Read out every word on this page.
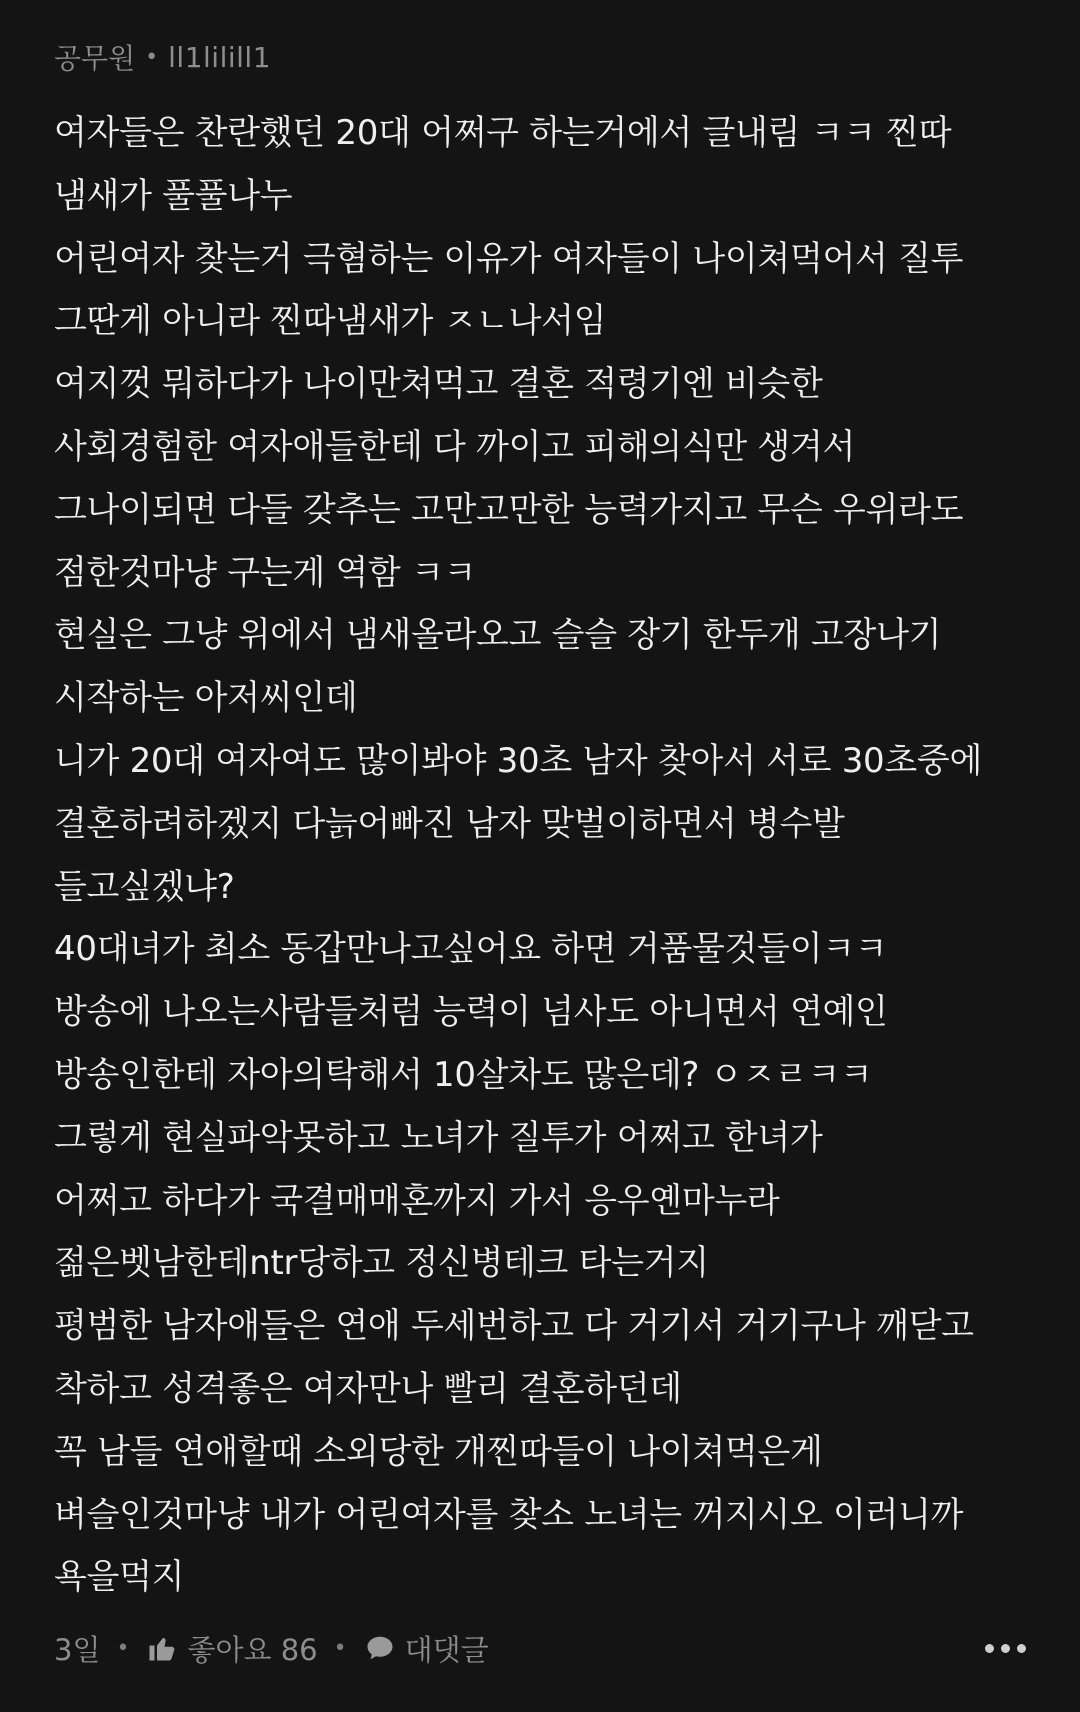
공무원 • ll1lilill1
여자들은 찬란했던 20대 어쩌구 하는거에서 글내림 ㅋㅋ 찐따
냄새가 풀풀나누
어린여자 찾는거 극혐하는 이유가 여자들이 나이쳐먹어서 질투
그딴게 아니라 찐따냄새가 ㅈㄴ나서임
여지껏 뭐하다가 나이만쳐먹고 결혼 적령기엔 비슷한
사회경험한 여자애들한테 다 까이고 피해의식만 생겨서
그나이되면 다들 갖추는 고만고만한 능력가지고 무슨 우위라도
점한것마냥 구는게 역함 ㅋㅋ
현실은 그냥 위에서 냄새올라오고 슬슬 장기 한두개 고장나기
시작하는 아저씨인데
니가 20대 여자여도 많이봐야 30초 남자 찾아서 서로 30초중에
결혼하려하겠지 다늙어빠진 남자 맞벌이하면서 병수발
들고싶겠냐?
40대녀가 최소 동갑만나고싶어요 하면 거품물것들이ㅋㅋ
방송에 나오는사람들처럼 능력이 넘사도 아니면서 연예인
방송인한테 자아의탁해서 10살차도 많은데? ㅇㅈㄹㅋㅋ
그렇게 현실파악못하고 노녀가 질투가 어쩌고 한녀가
어쩌고 하다가 국결매매혼까지 가서 응우옌마누라
젊은벳남한테ntr당하고 정신병테크 타는거지
평범한 남자애들은 연애 두세번하고 다 거기서 거기구나 깨닫고
착하고 성격좋은 여자만나 빨리 결혼하던데
꼭 남들 연애할때 소외당한 개찐따들이 나이쳐먹은게
벼슬인것마냥 내가 어린여자를 찾소 노녀는 꺼지시오 이러니까
욕을먹지
3일 • 좋아요 86 • 대댓글
